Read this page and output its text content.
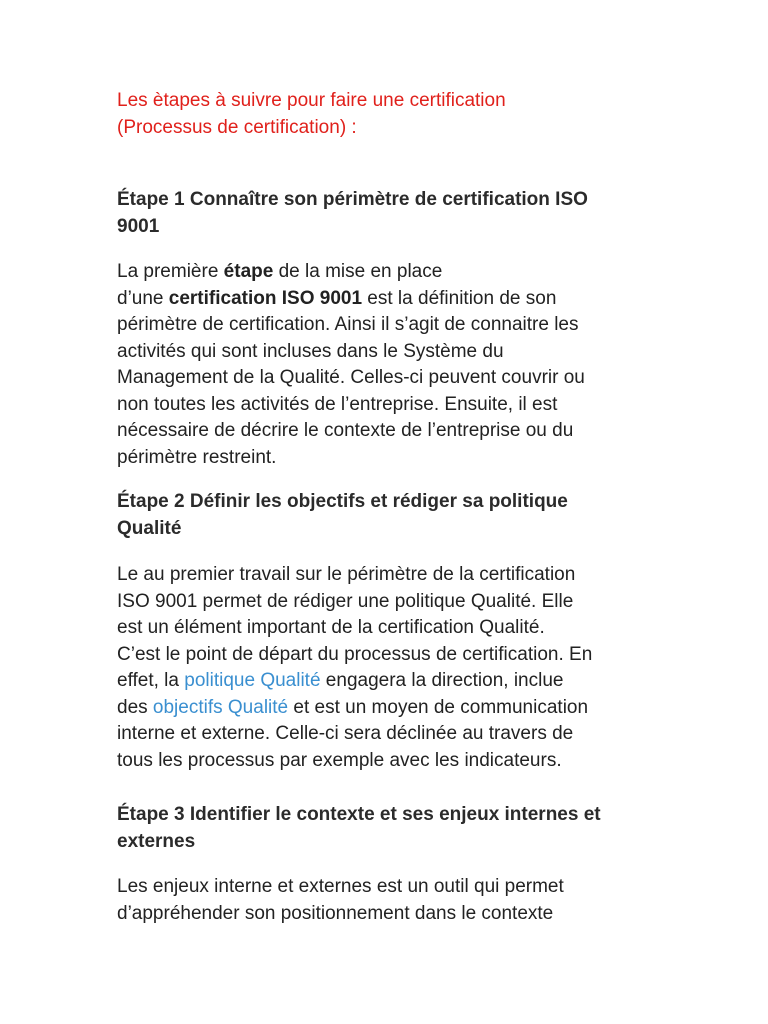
Les ètapes à suivre pour faire une certification
(Processus de certification) :
Étape 1 Connaître son périmètre de certification ISO
9001
La première étape de la mise en place
d’une certification ISO 9001 est la définition de son
périmètre de certification. Ainsi il s’agit de connaitre les
activités qui sont incluses dans le Système du
Management de la Qualité. Celles-ci peuvent couvrir ou
non toutes les activités de l’entreprise. Ensuite, il est
nécessaire de décrire le contexte de l’entreprise ou du
périmètre restreint.
Étape 2 Définir les objectifs et rédiger sa politique
Qualité
Le au premier travail sur le périmètre de la certification
ISO 9001 permet de rédiger une politique Qualité. Elle
est un élément important de la certification Qualité.
C’est le point de départ du processus de certification. En
effet, la politique Qualité engagera la direction, inclue
des objectifs Qualité et est un moyen de communication
interne et externe. Celle-ci sera déclinée au travers de
tous les processus par exemple avec les indicateurs.
Étape 3 Identifier le contexte et ses enjeux internes et
externes
Les enjeux interne et externes est un outil qui permet
d’appréhender son positionnement dans le contexte
